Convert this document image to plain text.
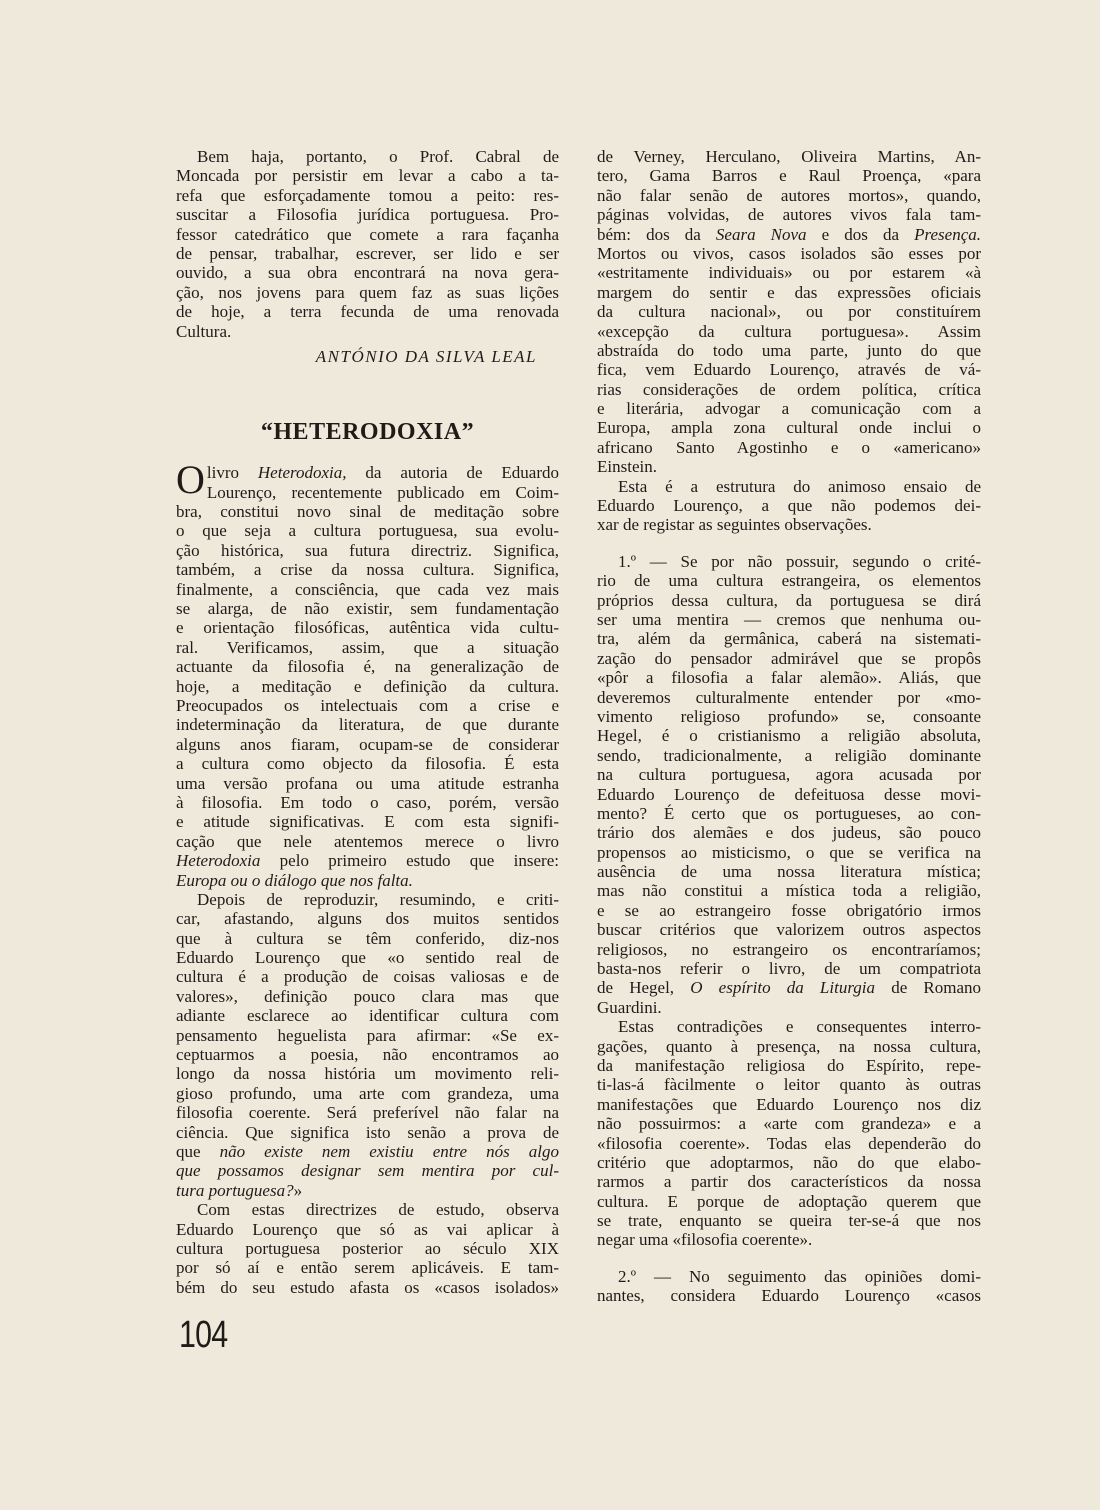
Bem haja, portanto, o Prof. Cabral de
Moncada por persistir em levar a cabo a ta-
refa que esforçadamente tomou a peito: res-
suscitar a Filosofia jurídica portuguesa. Pro-
fessor catedrático que comete a rara façanha
de pensar, trabalhar, escrever, ser lido e ser
ouvido, a sua obra encontrará na nova gera-
ção, nos jovens para quem faz as suas lições
de hoje, a terra fecunda de uma renovada
Cultura.
ANTÓNIO DA SILVA LEAL
“HETERODOXIA”
O livro Heterodoxia, da autoria de Eduardo
Lourenço, recentemente publicado em Coim-
bra, constitui novo sinal de meditação sobre
o que seja a cultura portuguesa, sua evolu-
ção histórica, sua futura directriz. Significa,
também, a crise da nossa cultura. Significa,
finalmente, a consciência, que cada vez mais
se alarga, de não existir, sem fundamentação
e orientação filosóficas, autêntica vida cultu-
ral. Verificamos, assim, que a situação
actuante da filosofia é, na generalização de
hoje, a meditação e definição da cultura.
Preocupados os intelectuais com a crise e
indeterminação da literatura, de que durante
alguns anos fiaram, ocupam-se de considerar
a cultura como objecto da filosofia. É esta
uma versão profana ou uma atitude estranha
à filosofia. Em todo o caso, porém, versão
e atitude significativas. E com esta signifi-
cação que nele atentemos merece o livro
Heterodoxia pelo primeiro estudo que insere:
Europa ou o diálogo que nos falta.
Depois de reproduzir, resumindo, e criti-
car, afastando, alguns dos muitos sentidos
que à cultura se têm conferido, diz-nos
Eduardo Lourenço que «o sentido real de
cultura é a produção de coisas valiosas e de
valores», definição pouco clara mas que
adiante esclarece ao identificar cultura com
pensamento heguelista para afirmar: «Se ex-
ceptuarmos a poesia, não encontramos ao
longo da nossa história um movimento reli-
gioso profundo, uma arte com grandeza, uma
filosofia coerente. Será preferível não falar na
ciência. Que significa isto senão a prova de
que não existe nem existiu entre nós algo
que possamos designar sem mentira por cul-
tura portuguesa?»
Com estas directrizes de estudo, observa
Eduardo Lourenço que só as vai aplicar à
cultura portuguesa posterior ao século XIX
por só aí e então serem aplicáveis. E tam-
bém do seu estudo afasta os «casos isolados»
de Verney, Herculano, Oliveira Martins, An-
tero, Gama Barros e Raul Proença, «para
não falar senão de autores mortos», quando,
páginas volvidas, de autores vivos fala tam-
bém: dos da Seara Nova e dos da Presença.
Mortos ou vivos, casos isolados são esses por
«estritamente individuais» ou por estarem «à
margem do sentir e das expressões oficiais
da cultura nacional», ou por constituírem
«excepção da cultura portuguesa». Assim
abstraída do todo uma parte, junto do que
fica, vem Eduardo Lourenço, através de vá-
rias considerações de ordem política, crítica
e literária, advogar a comunicação com a
Europa, ampla zona cultural onde inclui o
africano Santo Agostinho e o «americano»
Einstein.
Esta é a estrutura do animoso ensaio de
Eduardo Lourenço, a que não podemos dei-
xar de registar as seguintes observações.
1.º — Se por não possuir, segundo o crité-
rio de uma cultura estrangeira, os elementos
próprios dessa cultura, da portuguesa se dirá
ser uma mentira — cremos que nenhuma ou-
tra, além da germânica, caberá na sistemati-
zação do pensador admirável que se propôs
«pôr a filosofia a falar alemão». Aliás, que
deveremos culturalmente entender por «mo-
vimento religioso profundo» se, consoante
Hegel, é o cristianismo a religião absoluta,
sendo, tradicionalmente, a religião dominante
na cultura portuguesa, agora acusada por
Eduardo Lourenço de defeituosa desse movi-
mento? É certo que os portugueses, ao con-
trário dos alemães e dos judeus, são pouco
propensos ao misticismo, o que se verifica na
ausência de uma nossa literatura mística;
mas não constitui a mística toda a religião,
e se ao estrangeiro fosse obrigatório irmos
buscar critérios que valorizem outros aspectos
religiosos, no estrangeiro os encontraríamos;
basta-nos referir o livro, de um compatriota
de Hegel, O espírito da Liturgia de Romano
Guardini.
Estas contradições e consequentes interro-
gações, quanto à presença, na nossa cultura,
da manifestação religiosa do Espírito, repe-
ti-las-á fàcilmente o leitor quanto às outras
manifestações que Eduardo Lourenço nos diz
não possuirmos: a «arte com grandeza» e a
«filosofia coerente». Todas elas dependerão do
critério que adoptarmos, não do que elabo-
rarmos a partir dos característicos da nossa
cultura. E porque de adoptação querem que
se trate, enquanto se queira ter-se-á que nos
negar uma «filosofia coerente».
2.º — No seguimento das opiniões domi-
nantes, considera Eduardo Lourenço «casos
104
